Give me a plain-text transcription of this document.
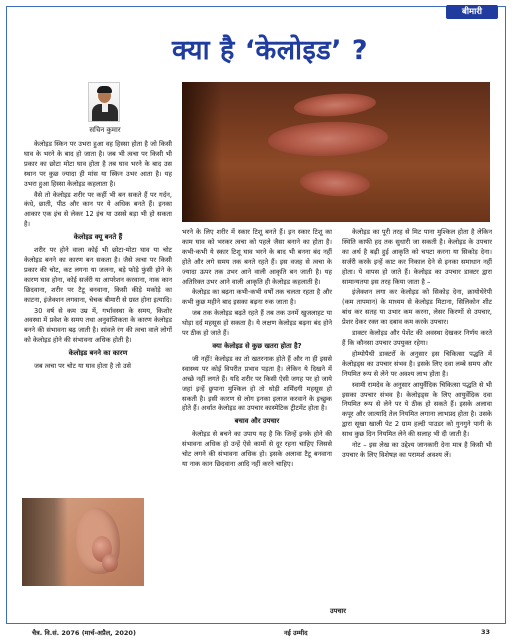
बीमारी
क्या है ‘केलोइड’ ?
सचिन कुमार

केलोइड स्किन पर उभरा हुआ वह हिस्सा होता है जो किसी घाव के भरने के बाद हो जाता है। जब भी त्वचा पर किसी भी प्रकार का छोटा मोटा घाव होता है तब घाव भरने के बाद उस स्थान पर कुछ ज्यादा ही मांस या स्किन उभर आता है। यह उभरा हुआ हिस्सा केलोइड कहलाता है।

वैसे तो केलोइड शरीर पर कहीं भी बन सकते हैं पर गर्दन, कंधे, छाती, पीठ और कान पर ये अधिक बनते हैं। इनका आकार एक इंच से लेकर 12 इंच या उससे बड़ा भी हो सकता है।

केलोइड क्यू बनते हैं

शरीर पर होने वाला कोई भी छोटा-मोटा घाव या चोट केलोइड बनने का कारण बन सकता है। जैसे त्वचा पर किसी प्रकार की चोट, कट लगना या जलना, बड़े फोड़े फुंसी होने के कारण घाव होना, कोई सर्जरी या आपरेशन करवाना, नाक कान छिदवाना, शरीर पर टैटू बनवाना, किसी कीड़े मकोड़े का काटना, इंजेक्शन लगवाना, चेचक बीमारी से ग्रस्त होना इत्यादि।

30 वर्ष से कम उम्र में, गर्भावस्था के समय, किशोर अवस्था में प्रवेश के समय तथा अनुवांशिकता के कारण केलोइड बनने की संभावना बढ़ जाती है। सांवले रंग की त्वचा वाले लोगों को केलोइड होने की संभावना अधिक होती है।

केलोइड बनने का कारण

जब त्वचा पर चोट या घाव होता है तो उसे

भरने के लिए शरीर में स्कार टिशू बनते हैं। इन स्कार टिशू का काम घाव को भरकर त्वचा को पहले जैसा बनाने का होता है। कभी-कभी ये स्कार टिशू घाव भरने के बाद भी बनना बंद नहीं होते और लगे समय तक बनते रहते हैं। इस वजह से त्वचा के ज्यादा ऊपर तक उभर आने वाली आकृति बन जाती है। यह अतिरिक्त उभर आने वाली आकृति ही केलोइड कहलाती है।

केलोइड का बढ़ना कभी-कभी वर्षों तक चलता रहता है और कभी कुछ महीने बाद इसका बढ़ना रुक जाता है।

जब तक केलोइड बढ़ते रहते हैं तब तक उनमें खुजलाहट या थोड़ा दर्द महसूस हो सकता है। ये लक्षण केलोइड बढ़ना बंद होने पर ठीक हो जाते हैं।

क्या केलोइड से कुछ खतरा होता है?

जी नहीं! केलोइड का तो खतरनाक होते हैं और ना ही इससे स्वास्थ्य पर कोई विपरीत प्रभाव पड़ता है। लेकिन ये दिखने में अच्छे नहीं लगते हैं। यदि शरीर पर किसी ऐसी जगह पर हो जाये जहां इन्हें छुपाना मुश्किल हो तो थोड़ी शर्मिंदगी महसूस हो सकती है। इसी कारण से लोग इनका इलाज करवाने के इच्छुक होते हैं। अर्थात केलोइड का उपचार कास्मेटिक ट्रीटमेंट होता है।

बचाव और उपचार

केलोइड से बचने का उपाय यह है कि जिन्हें इनके होने की संभावना अधिक हो उन्हें ऐसे कामों से दूर रहना चाहिए जिससे चोट लगने की संभावना अधिक हो। इसके अलावा टैटू बनवाना या नाक कान छिदवाना आदि नहीं करने चाहिए।

उपचार

केलोइड का पूरी तरह से मिट पाना मुश्किल होता है लेकिन स्थिति काफी हद तक सुधारी जा सकती है। केलोइड के उपचार का अर्थ है बढ़ी हुई आकृति को चपटा करना या सिकोड़ देना। सर्जरी करके इन्हें काट कर निकाल देने से इनका समाधान नहीं होता। ये वापस हो जाते हैं। केलोइड का उपचार डाक्टर द्वारा सामान्यतया इस तरह किया जाता है –

इंजेक्शन लगा कर केलोइड को सिकोड़ देना, क्रायोथेरेपी (कम तापमान) के माध्यम से केलोइड मिटाना, सिलिकोन शीट बांध कर सतह या उभार कम करना, लेसर किरणों से उपचार, प्रेशर देकर रक्त का दबाव कम करके उपचार।

डाक्टर केलोइड और पेशेंट की अवस्था देखकर निर्णय करते हैं कि कौनसा उपचार उपयुक्त रहेगा।

होम्योपैथी डाक्टरों के अनुसार इस चिकित्सा पद्धति में केलोइड्स का उपचार संभव है। इसके लिए दवा लम्बे समय और नियमित रूप से लेने पर अवश्य लाभ होता है।

स्वामी रामदेव के अनुसार आयुर्वैदिक चिकित्सा पद्धति से भी इसका उपचार संभव है। केलोइड्स के लिए आयुर्वेदिक दवा नियमित रूप से लेने पर ये ठीक हो सकते हैं। इसके अलावा कपूर और जात्यादि तेल नियमित लगाना लाभप्रद होता है। उसके द्वारा सूखा खाली पेट 2 ग्राम हल्दी पाउडर को गुनगुने पानी के साथ कुछ दिन नियमित लेने की सलाह भी दी जाती है।

नोट – इस लेख का उद्देश्य जानकारी देना मात्र है किसी भी उपचार के लिए विशेषज्ञ का परामर्श अवश्य लें।

चैत्र. वि.सं. 2076 (मार्च-अप्रैल, 2020)	नई उम्मीद	33
